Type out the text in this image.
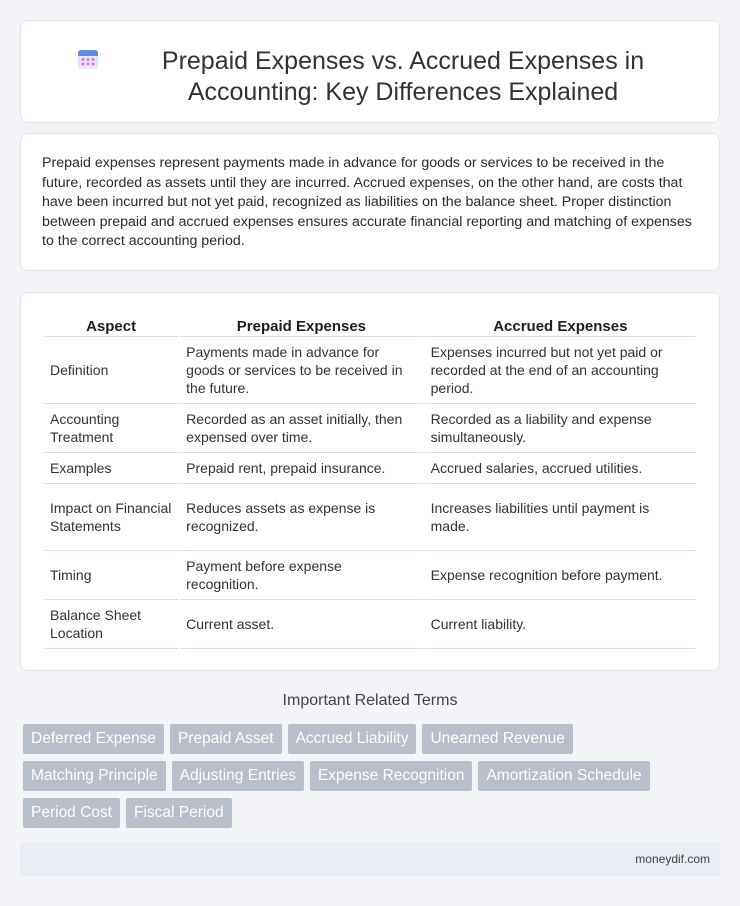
Prepaid Expenses vs. Accrued Expenses in Accounting: Key Differences Explained

Prepaid expenses represent payments made in advance for goods or services to be received in the future, recorded as assets until they are incurred. Accrued expenses, on the other hand, are costs that have been incurred but not yet paid, recognized as liabilities on the balance sheet. Proper distinction between prepaid and accrued expenses ensures accurate financial reporting and matching of expenses to the correct accounting period.

Aspect	Prepaid Expenses	Accrued Expenses
Definition	Payments made in advance for goods or services to be received in the future.	Expenses incurred but not yet paid or recorded at the end of an accounting period.
Accounting Treatment	Recorded as an asset initially, then expensed over time.	Recorded as a liability and expense simultaneously.
Examples	Prepaid rent, prepaid insurance.	Accrued salaries, accrued utilities.
Impact on Financial Statements	Reduces assets as expense is recognized.	Increases liabilities until payment is made.
Timing	Payment before expense recognition.	Expense recognition before payment.
Balance Sheet Location	Current asset.	Current liability.
Important Related Terms
Deferred Expense	Prepaid Asset	Accrued Liability	Unearned Revenue
Matching Principle	Adjusting Entries	Expense Recognition	Amortization Schedule
Period Cost	Fiscal Period
moneydif.com
